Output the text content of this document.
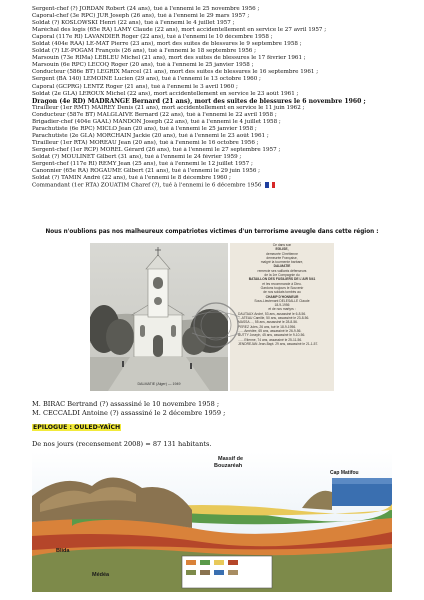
Sergent-chef (?) JORDAN Robert (24 ans), tué à l'ennemi le 25 novembre 1956 ;
Caporal-chef (3e RPC) JUR Joseph (26 ans), tué à l'ennemi le 29 mars 1957 ;
Soldat (?) KOSLOWSKI Henri (22 ans), tué à l'ennemi le 4 juillet 1957 ;
Maréchal des logis (65e RA) LAMY Claude (22 ans), mort accidentellement en service le 27 avril 1957 ;
Caporal (117e RI) LAVANDIER Roger (22 ans), tué à l'ennemi le 10 décembre 1958 ;
Soldat (404e RAA) LE-MAT Pierre (23 ans), mort des suites de blessures le 9 septembre 1958 ;
Soldat (?) LE-POGAM François (26 ans), tué à l'ennemi le 18 septembre 1956 ;
Marsouin (73e RIMa) LEBLEU Michel (21 ans), mort des suites de blessures le 17 février 1961 ;
Marsouin (6e RPC) LECOQ Roger (20 ans), tué à l'ennemi le 25 janvier 1958 ;
Conducteur (586e BT) LEGRIX Marcel (21 ans), mort des suites de blessures le 16 septembre 1961 ;
Sergent (BA 140) LEMOINE Lucien (29 ans), tué à l'ennemi le 13 octobre 1960 ;
Caporal (GCPRG) LENTZ Roger (21 ans), tué à l'ennemi le 3 avril 1960 ;
Soldat (2e GLA) LEROUX Michel (22 ans), mort accidentellement en service le 23 août 1961 ;
Dragon (4e RD) MADRANGE Bernard (21 ans), mort des suites de blessures le 6 novembre 1960 ;
Tirailleur (1er RMT) MAIREY Denis (21 ans), mort accidentellement en service le 11 juin 1962 ;
Conducteur (587e BT) MALGLAIVE Bernard (22 ans), tué à l'ennemi le 22 avril 1958 ;
Brigadier-chef (404e GAAL) MANDON Joseph (22 ans), tué à l'ennemi le 4 juillet 1958 ;
Parachutiste (6e RPC) MICLO Jean (20 ans), tué à l'ennemi le 25 janvier 1958 ;
Parachutiste (2e GLA) MORCHAIN Jackie (20 ans), tué à l'ennemi le 23 août 1961 ;
Tirailleur (1er RTA) MOREAU Jean (20 ans), tué à l'ennemi le 16 octobre 1956 ;
Sergent-chef (1er RCP) MOREL Gérard (26 ans), tué à l'ennemi le 27 septembre 1957 ;
Soldat (?) MOULINET Gilbert (31 ans), tué à l'ennemi le 24 février 1959 ;
Sergent-chef (117e RI) REMY Jean (25 ans), tué à l'ennemi le 12 juillet 1957 ;
Canonnier (65e RA) ROGAUME Gilbert (21 ans), tué à l'ennemi le 29 juin 1956 ;
Soldat (?) TAMIN André (22 ans), tué à l'ennemi le 8 décembre 1960 ;
Commandant (1er RTA) ZOUATIM Charef (?), tué à l'ennemi le 6 décembre 1956
Nous n'oublions pas nos malheureux compatriotes victimes d'un terrorisme aveugle dans cette région :
DALMATIE (Alger) — 1949
Ce dans son
EGLISE,
demeurée Chrétienne
demeurée Française,
malgré la tourmente barbare,
DALMATIE
remercie ses vaillants défenseurs
de la 1re Compagnie du
BATAILLON DES FUSILIERS DE L'AIR 5/41
et les recommande à Dieu.
Gardons toujours le Souvenir
de nos soldats tombés au
CHAMP D'HONNEUR
Sous-Lieutenant DELESALLE Claude
18-9-1956
et de nos martyrs :
DAUTAUX André, 53 ans, assassiné le 6-8-56.
....ATEAU Camille, 50 ans, assassiné le 23-8-56.
MASSA ..., 55 ans, assassiné le 28-8-56.
PEREZ Jules, 26 ans, tué le 18-9-1956.
...... Amédée, 65 ans, assassiné le 26-9-56.
BUTTY Joseph, 45 ans, assassiné le 9-10-56.
...... Etienne, 74 ans, assassiné le 25-11-56.
JENDREJAN Jean-Bapt. 29 ans, assassiné le 21-1-57.
M. BIRAC Bertrand (?) assassiné le 10 novembre 1958 ;
M. CECCALDI Antoine (?) assassiné le 2 décembre 1959 ;
EPILOGUE : OULED-YAÏCH
De nos jours (recensement 2008) = 87 131 habitants.
Massif de
Bouzaréah
Cap Matifou
Blida
Médéa
